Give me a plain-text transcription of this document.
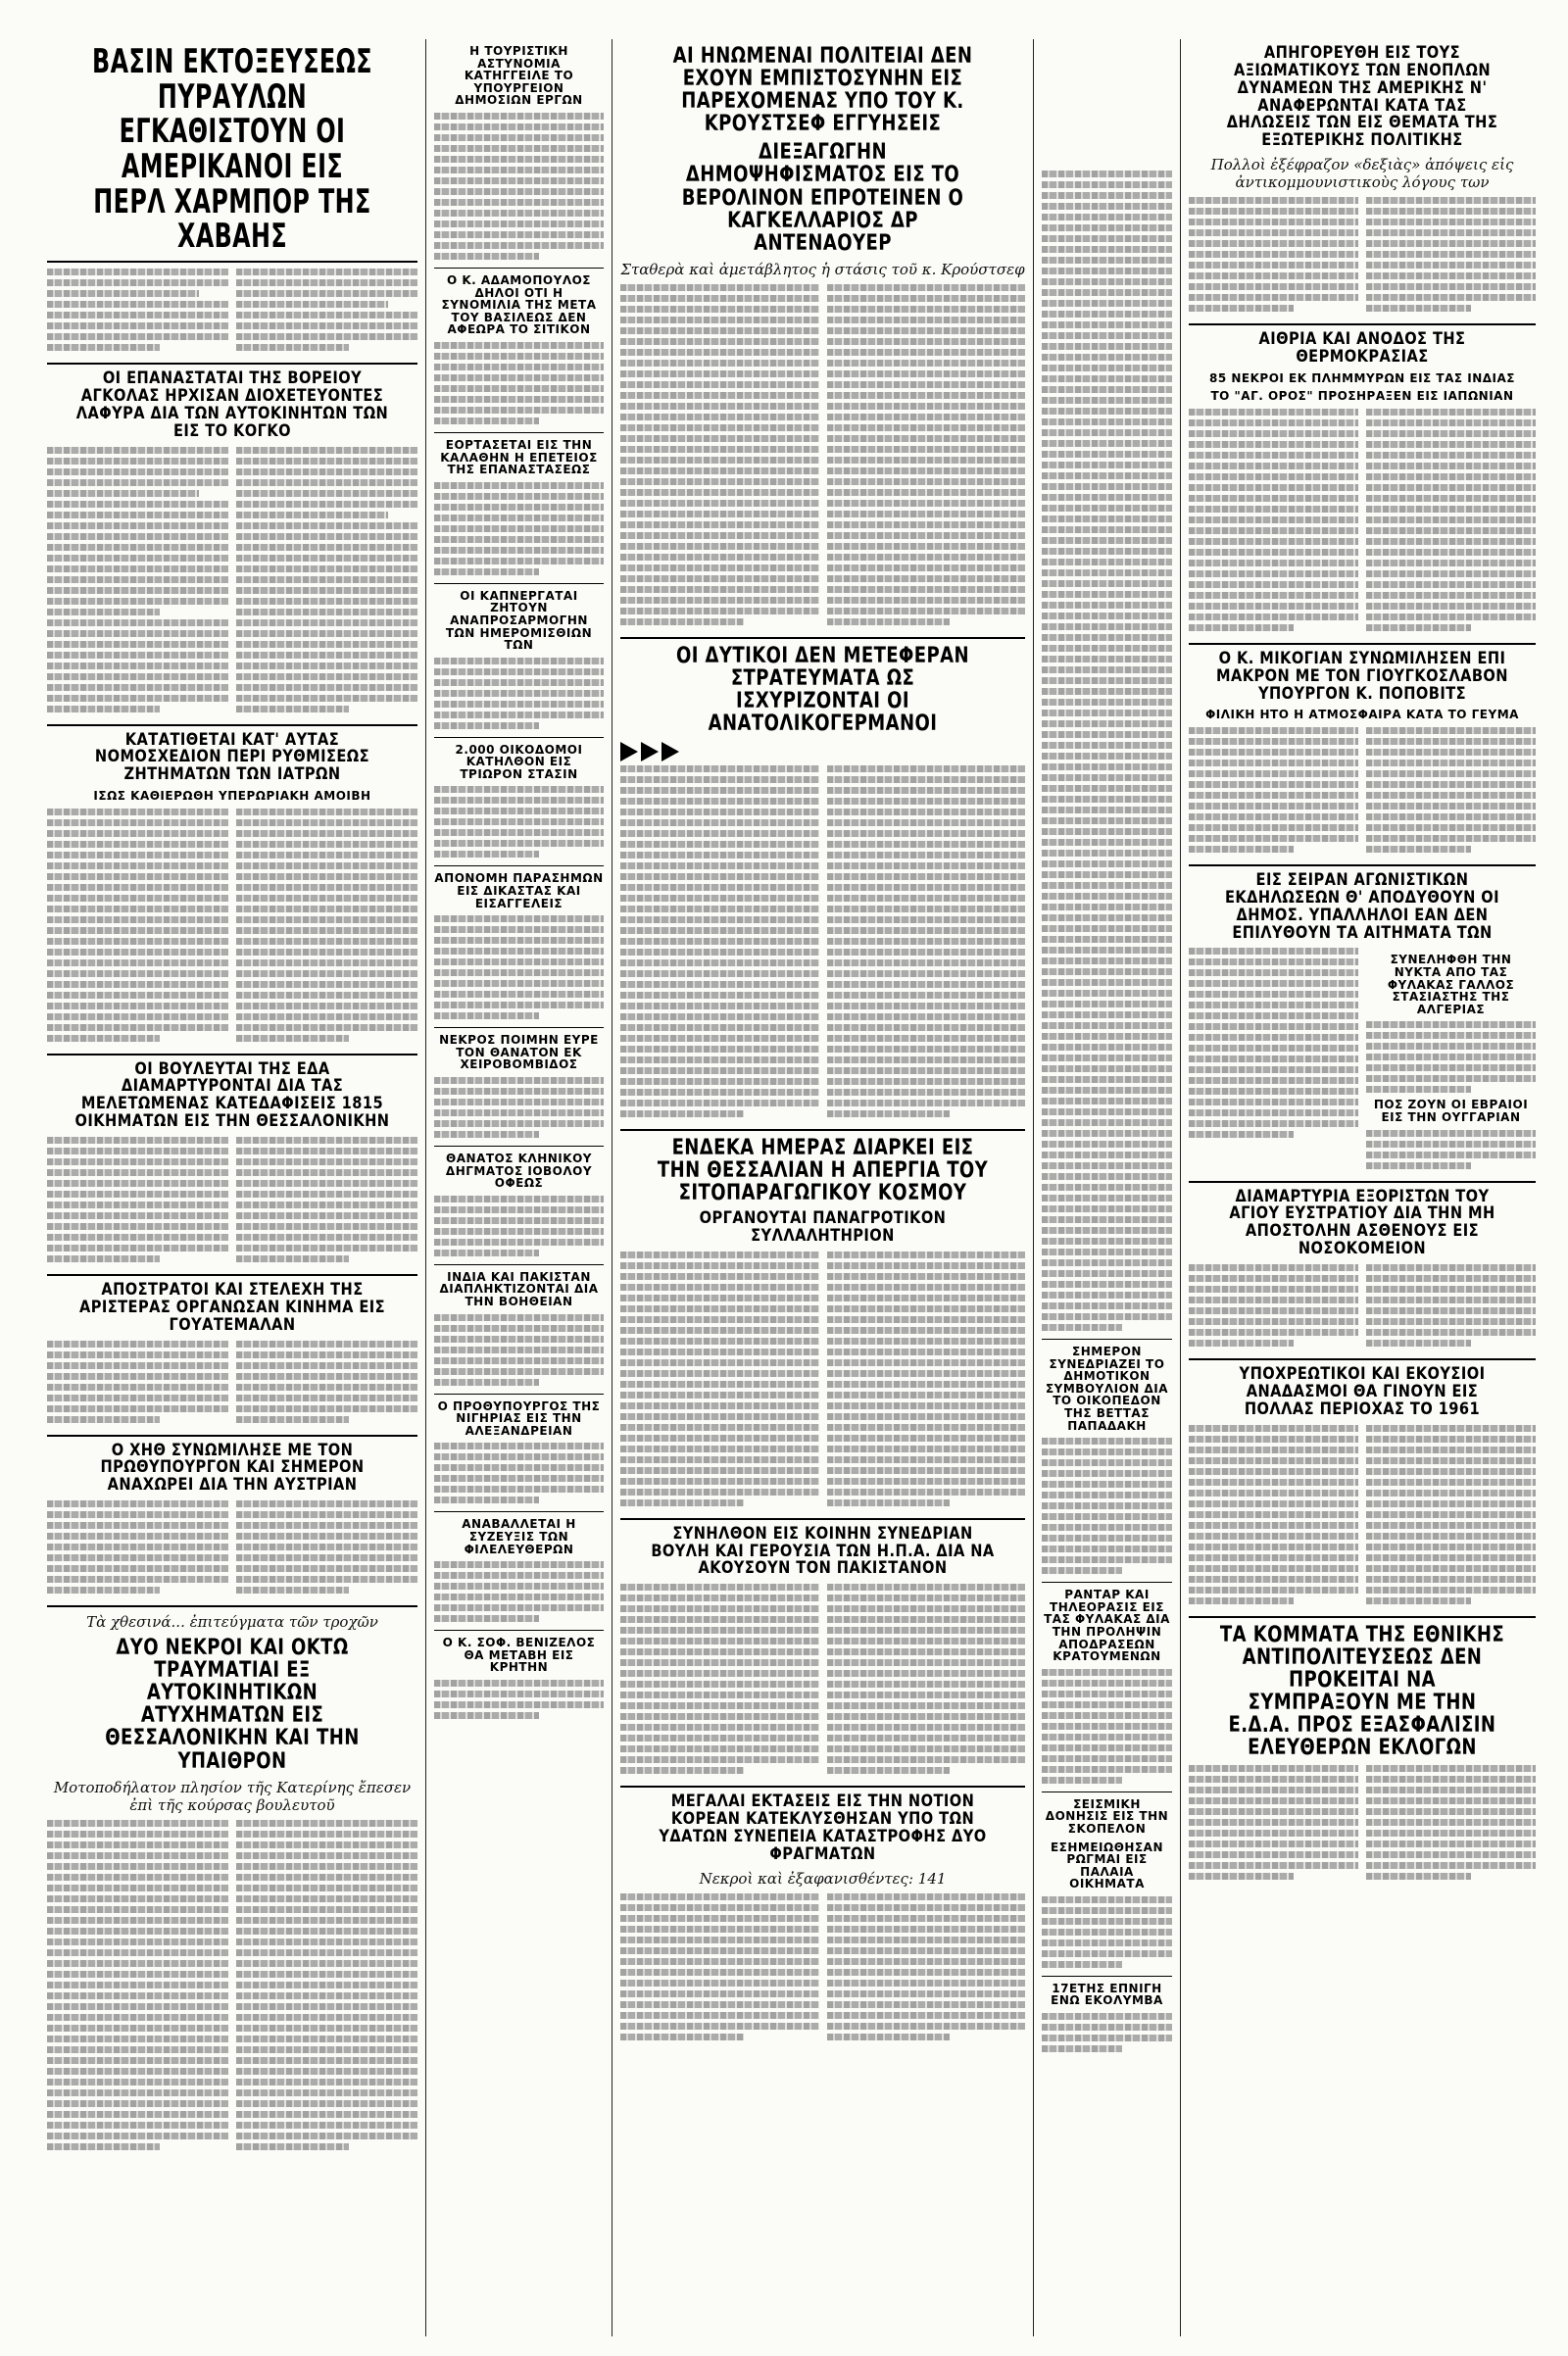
ΒΑΣΙΝ ΕΚΤΟΞΕΥΣΕΩΣ ΠΥΡΑΥΛΩΝ ΕΓΚΑΘΙΣΤΟΥΝ ΟΙ ΑΜΕΡΙΚΑΝΟΙ ΕΙΣ ΠΕΡΛ ΧΑΡΜΠΟΡ ΤΗΣ ΧΑΒΑΗΣ
ΟΙ ΕΠΑΝΑΣΤΑΤΑΙ ΤΗΣ ΒΟΡΕΙΟΥ ΑΓΚΟΛΑΣ ΗΡΧΙΣΑΝ ΔΙΟΧΕΤΕΥΟΝΤΕΣ ΛΑΦΥΡΑ ΔΙΑ ΤΩΝ ΑΥΤΟΚΙΝΗΤΩΝ ΤΩΝ ΕΙΣ ΤΟ ΚΟΓΚΟ
ΚΑΤΑΤΙΘΕΤΑΙ ΚΑΤ' ΑΥΤΑΣ ΝΟΜΟΣΧΕΔΙΟΝ ΠΕΡΙ ΡΥΘΜΙΣΕΩΣ ΖΗΤΗΜΑΤΩΝ ΤΩΝ ΙΑΤΡΩΝ
ΙΣΩΣ ΚΑΘΙΕΡΩΘΗ ΥΠΕΡΩΡΙΑΚΗ ΑΜΟΙΒΗ
ΟΙ ΒΟΥΛΕΥΤΑΙ ΤΗΣ ΕΔΑ ΔΙΑΜΑΡΤΥΡΟΝΤΑΙ ΔΙΑ ΤΑΣ ΜΕΛΕΤΩΜΕΝΑΣ ΚΑΤΕΔΑΦΙΣΕΙΣ 1815 ΟΙΚΗΜΑΤΩΝ ΕΙΣ ΤΗΝ ΘΕΣΣΑΛΟΝΙΚΗΝ
ΑΠΟΣΤΡΑΤΟΙ ΚΑΙ ΣΤΕΛΕΧΗ ΤΗΣ ΑΡΙΣΤΕΡΑΣ ΟΡΓΑΝΩΣΑΝ ΚΙΝΗΜΑ ΕΙΣ ΓΟΥΑΤΕΜΑΛΑΝ
Ο ΧΗΘ ΣΥΝΩΜΙΛΗΣΕ ΜΕ ΤΟΝ ΠΡΩΘΥΠΟΥΡΓΟΝ ΚΑΙ ΣΗΜΕΡΟΝ ΑΝΑΧΩΡΕΙ ΔΙΑ ΤΗΝ ΑΥΣΤΡΙΑΝ
Τὰ χθεσινά... ἐπιτεύγματα τῶν τροχῶν
ΔΥΟ ΝΕΚΡΟΙ ΚΑΙ ΟΚΤΩ ΤΡΑΥΜΑΤΙΑΙ ΕΞ ΑΥΤΟΚΙΝΗΤΙΚΩΝ ΑΤΥΧΗΜΑΤΩΝ ΕΙΣ ΘΕΣΣΑΛΟΝΙΚΗΝ ΚΑΙ ΤΗΝ ΥΠΑΙΘΡΟΝ
Μοτοποδήλατον πλησίον τῆς Κατερίνης ἔπεσεν ἐπὶ τῆς κούρσας βουλευτοῦ
Η ΤΟΥΡΙΣΤΙΚΗ ΑΣΤΥΝΟΜΙΑ ΚΑΤΗΓΓΕΙΛΕ ΤΟ ΥΠΟΥΡΓΕΙΟΝ ΔΗΜΟΣΙΩΝ ΕΡΓΩΝ
Ο Κ. ΑΔΑΜΟΠΟΥΛΟΣ ΔΗΛΟΙ ΟΤΙ Η ΣΥΝΟΜΙΛΙΑ ΤΗΣ ΜΕΤΑ ΤΟΥ ΒΑΣΙΛΕΩΣ ΔΕΝ ΑΦΕΩΡΑ ΤΟ ΣΙΤΙΚΟΝ
ΕΟΡΤΑΣΕΤΑΙ ΕΙΣ ΤΗΝ ΚΑΛΑΘΗΝ Η ΕΠΕΤΕΙΟΣ ΤΗΣ ΕΠΑΝΑΣΤΑΣΕΩΣ
ΟΙ ΚΑΠΝΕΡΓΑΤΑΙ ΖΗΤΟΥΝ ΑΝΑΠΡΟΣΑΡΜΟΓΗΝ ΤΩΝ ΗΜΕΡΟΜΙΣΘΙΩΝ ΤΩΝ
2.000 ΟΙΚΟΔΟΜΟΙ ΚΑΤΗΛΘΟΝ ΕΙΣ ΤΡΙΩΡΟΝ ΣΤΑΣΙΝ
ΑΠΟΝΟΜΗ ΠΑΡΑΣΗΜΩΝ ΕΙΣ ΔΙΚΑΣΤΑΣ ΚΑΙ ΕΙΣΑΓΓΕΛΕΙΣ
ΝΕΚΡΟΣ ΠΟΙΜΗΝ ΕΥΡΕ ΤΟΝ ΘΑΝΑΤΟΝ ΕΚ ΧΕΙΡΟΒΟΜΒΙΔΟΣ
ΘΑΝΑΤΟΣ ΚΛΗΝΙΚΟΥ ΔΗΓΜΑΤΟΣ ΙΟΒΟΛΟΥ ΟΦΕΩΣ
ΙΝΔΙΑ ΚΑΙ ΠΑΚΙΣΤΑΝ ΔΙΑΠΛΗΚΤΙΖΟΝΤΑΙ ΔΙΑ ΤΗΝ ΒΟΗΘΕΙΑΝ
Ο ΠΡΟΘΥΠΟΥΡΓΟΣ ΤΗΣ ΝΙΓΗΡΙΑΣ ΕΙΣ ΤΗΝ ΑΛΕΞΑΝΔΡΕΙΑΝ
ΑΝΑΒΑΛΛΕΤΑΙ Η ΣΥΖΕΥΞΙΣ ΤΩΝ ΦΙΛΕΛΕΥΘΕΡΩΝ
Ο Κ. ΣΟΦ. ΒΕΝΙΖΕΛΟΣ ΘΑ ΜΕΤΑΒΗ ΕΙΣ ΚΡΗΤΗΝ
ΑΙ ΗΝΩΜΕΝΑΙ ΠΟΛΙΤΕΙΑΙ ΔΕΝ ΕΧΟΥΝ ΕΜΠΙΣΤΟΣΥΝΗΝ ΕΙΣ ΠΑΡΕΧΟΜΕΝΑΣ ΥΠΟ ΤΟΥ Κ. ΚΡΟΥΣΤΣΕΦ ΕΓΓΥΗΣΕΙΣ
ΔΙΕΞΑΓΩΓΗΝ ΔΗΜΟΨΗΦΙΣΜΑΤΟΣ ΕΙΣ ΤΟ ΒΕΡΟΛΙΝΟΝ ΕΠΡΟΤΕΙΝΕΝ Ο ΚΑΓΚΕΛΛΑΡΙΟΣ ΔΡ ΑΝΤΕΝΑΟΥΕΡ
Σταθερὰ καὶ ἀμετάβλητος ἡ στάσις τοῦ κ. Κρούστσεφ
ΟΙ ΔΥΤΙΚΟΙ ΔΕΝ ΜΕΤΕΦΕΡΑΝ ΣΤΡΑΤΕΥΜΑΤΑ ΩΣ ΙΣΧΥΡΙΖΟΝΤΑΙ ΟΙ ΑΝΑΤΟΛΙΚΟΓΕΡΜΑΝΟΙ
ΕΝΔΕΚΑ ΗΜΕΡΑΣ ΔΙΑΡΚΕΙ ΕΙΣ ΤΗΝ ΘΕΣΣΑΛΙΑΝ Η ΑΠΕΡΓΙΑ ΤΟΥ ΣΙΤΟΠΑΡΑΓΩΓΙΚΟΥ ΚΟΣΜΟΥ
ΟΡΓΑΝΟΥΤΑΙ ΠΑΝΑΓΡΟΤΙΚΟΝ ΣΥΛΛΑΛΗΤΗΡΙΟΝ
ΣΥΝΗΛΘΟΝ ΕΙΣ ΚΟΙΝΗΝ ΣΥΝΕΔΡΙΑΝ ΒΟΥΛΗ ΚΑΙ ΓΕΡΟΥΣΙΑ ΤΩΝ Η.Π.Α. ΔΙΑ ΝΑ ΑΚΟΥΣΟΥΝ ΤΟΝ ΠΑΚΙΣΤΑΝΟΝ
ΜΕΓΑΛΑΙ ΕΚΤΑΣΕΙΣ ΕΙΣ ΤΗΝ ΝΟΤΙΟΝ ΚΟΡΕΑΝ ΚΑΤΕΚΛΥΣΘΗΣΑΝ ΥΠΟ ΤΩΝ ΥΔΑΤΩΝ ΣΥΝΕΠΕΙΑ ΚΑΤΑΣΤΡΟΦΗΣ ΔΥΟ ΦΡΑΓΜΑΤΩΝ
Νεκροὶ καὶ ἐξαφανισθέντες: 141
ΣΗΜΕΡΟΝ ΣΥΝΕΔΡΙΑΖΕΙ ΤΟ ΔΗΜΟΤΙΚΟΝ ΣΥΜΒΟΥΛΙΟΝ ΔΙΑ ΤΟ ΟΙΚΟΠΕΔΟΝ ΤΗΣ ΒΕΤΤΑΣ ΠΑΠΑΔΑΚΗ
ΡΑΝΤΑΡ ΚΑΙ ΤΗΛΕΟΡΑΣΙΣ ΕΙΣ ΤΑΣ ΦΥΛΑΚΑΣ ΔΙΑ ΤΗΝ ΠΡΟΛΗΨΙΝ ΑΠΟΔΡΑΣΕΩΝ ΚΡΑΤΟΥΜΕΝΩΝ
ΣΕΙΣΜΙΚΗ ΔΟΝΗΣΙΣ ΕΙΣ ΤΗΝ ΣΚΟΠΕΛΟΝ
ΕΣΗΜΕΙΩΘΗΣΑΝ ΡΩΓΜΑΙ ΕΙΣ ΠΑΛΑΙΑ ΟΙΚΗΜΑΤΑ
17ΕΤΗΣ ΕΠΝΙΓΗ ΕΝΩ ΕΚΟΛΥΜΒΑ
ΑΠΗΓΟΡΕΥΘΗ ΕΙΣ ΤΟΥΣ ΑΞΙΩΜΑΤΙΚΟΥΣ ΤΩΝ ΕΝΟΠΛΩΝ ΔΥΝΑΜΕΩΝ ΤΗΣ ΑΜΕΡΙΚΗΣ Ν' ΑΝΑΦΕΡΩΝΤΑΙ ΚΑΤΑ ΤΑΣ ΔΗΛΩΣΕΙΣ ΤΩΝ ΕΙΣ ΘΕΜΑΤΑ ΤΗΣ ΕΞΩΤΕΡΙΚΗΣ ΠΟΛΙΤΙΚΗΣ
Πολλοὶ ἐξέφραζον «δεξιὰς» ἀπόψεις εἰς ἀντικομμουνιστικοὺς λόγους των
ΑΙΘΡΙΑ ΚΑΙ ΑΝΟΔΟΣ ΤΗΣ ΘΕΡΜΟΚΡΑΣΙΑΣ
85 ΝΕΚΡΟΙ ΕΚ ΠΛΗΜΜΥΡΩΝ ΕΙΣ ΤΑΣ ΙΝΔΙΑΣ
ΤΟ "ΑΓ. ΟΡΟΣ" ΠΡΟΣΗΡΑΞΕΝ ΕΙΣ ΙΑΠΩΝΙΑΝ
Ο Κ. ΜΙΚΟΓΙΑΝ ΣΥΝΩΜΙΛΗΣΕΝ ΕΠΙ ΜΑΚΡΟΝ ΜΕ ΤΟΝ ΓΙΟΥΓΚΟΣΛΑΒΟΝ ΥΠΟΥΡΓΟΝ Κ. ΠΟΠΟΒΙΤΣ
ΦΙΛΙΚΗ ΗΤΟ Η ΑΤΜΟΣΦΑΙΡΑ ΚΑΤΑ ΤΟ ΓΕΥΜΑ
ΕΙΣ ΣΕΙΡΑΝ ΑΓΩΝΙΣΤΙΚΩΝ ΕΚΔΗΛΩΣΕΩΝ Θ' ΑΠΟΔΥΘΟΥΝ ΟΙ ΔΗΜΟΣ. ΥΠΑΛΛΗΛΟΙ ΕΑΝ ΔΕΝ ΕΠΙΛΥΘΟΥΝ ΤΑ ΑΙΤΗΜΑΤΑ ΤΩΝ
ΣΥΝΕΛΗΦΘΗ ΤΗΝ ΝΥΚΤΑ ΑΠΟ ΤΑΣ ΦΥΛΑΚΑΣ ΓΑΛΛΟΣ ΣΤΑΣΙΑΣΤΗΣ ΤΗΣ ΑΛΓΕΡΙΑΣ
ΠΟΣ ΖΟΥΝ ΟΙ ΕΒΡΑΙΟΙ ΕΙΣ ΤΗΝ ΟΥΓΓΑΡΙΑΝ
ΔΙΑΜΑΡΤΥΡΙΑ ΕΞΟΡΙΣΤΩΝ ΤΟΥ ΑΓΙΟΥ ΕΥΣΤΡΑΤΙΟΥ ΔΙΑ ΤΗΝ ΜΗ ΑΠΟΣΤΟΛΗΝ ΑΣΘΕΝΟΥΣ ΕΙΣ ΝΟΣΟΚΟΜΕΙΟΝ
ΥΠΟΧΡΕΩΤΙΚΟΙ ΚΑΙ ΕΚΟΥΣΙΟΙ ΑΝΑΔΑΣΜΟΙ ΘΑ ΓΙΝΟΥΝ ΕΙΣ ΠΟΛΛΑΣ ΠΕΡΙΟΧΑΣ ΤΟ 1961
ΤΑ ΚΟΜΜΑΤΑ ΤΗΣ ΕΘΝΙΚΗΣ ΑΝΤΙΠΟΛΙΤΕΥΣΕΩΣ ΔΕΝ ΠΡΟΚΕΙΤΑΙ ΝΑ ΣΥΜΠΡΑΞΟΥΝ ΜΕ ΤΗΝ Ε.Δ.Α. ΠΡΟΣ ΕΞΑΣΦΑΛΙΣΙΝ ΕΛΕΥΘΕΡΩΝ ΕΚΛΟΓΩΝ
